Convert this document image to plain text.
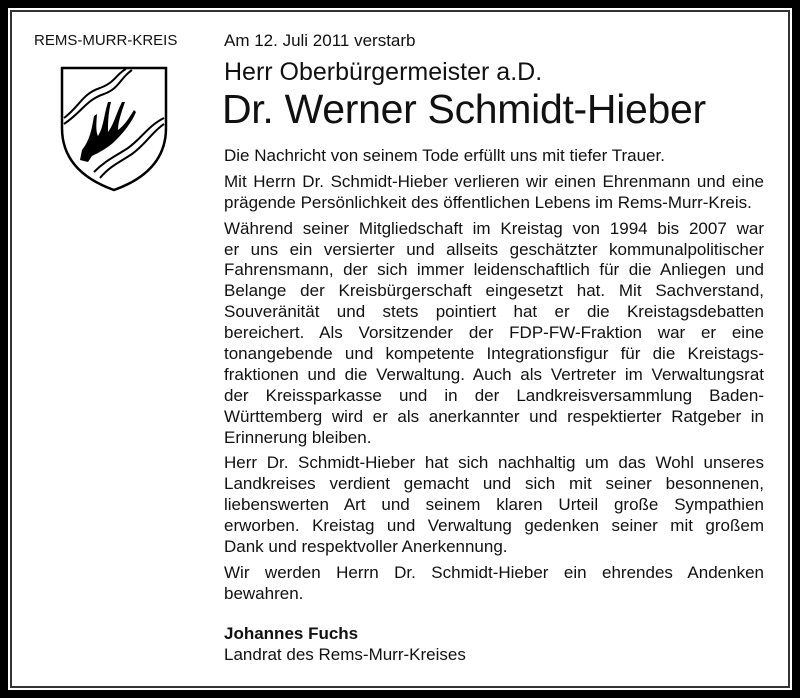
REMS-MURR-KREIS	Am 12. Juli 2011 verstarb
Herr Oberbürgermeister a.D.
Dr. Werner Schmidt-Hieber
Die Nachricht von seinem Tode erfüllt uns mit tiefer Trauer.
Mit Herrn Dr. Schmidt-Hieber verlieren wir einen Ehrenmann und eine
prägende Persönlichkeit des öffentlichen Lebens im Rems-Murr-Kreis.
Während seiner Mitgliedschaft im Kreistag von 1994 bis 2007 war
er uns ein versierter und allseits geschätzter kommunalpolitischer
Fahrensmann, der sich immer leidenschaftlich für die Anliegen und
Belange der Kreisbürgerschaft eingesetzt hat. Mit Sachverstand,
Souveränität und stets pointiert hat er die Kreistagsdebatten
bereichert. Als Vorsitzender der FDP-FW-Fraktion war er eine
tonangebende und kompetente Integrationsfigur für die Kreistags-
fraktionen und die Verwaltung. Auch als Vertreter im Verwaltungsrat
der Kreissparkasse und in der Landkreisversammlung Baden-
Württemberg wird er als anerkannter und respektierter Ratgeber in
Erinnerung bleiben.
Herr Dr. Schmidt-Hieber hat sich nachhaltig um das Wohl unseres
Landkreises verdient gemacht und sich mit seiner besonnenen,
liebenswerten Art und seinem klaren Urteil große Sympathien
erworben. Kreistag und Verwaltung gedenken seiner mit großem
Dank und respektvoller Anerkennung.
Wir werden Herrn Dr. Schmidt-Hieber ein ehrendes Andenken
bewahren.
Johannes Fuchs
Landrat des Rems-Murr-Kreises
